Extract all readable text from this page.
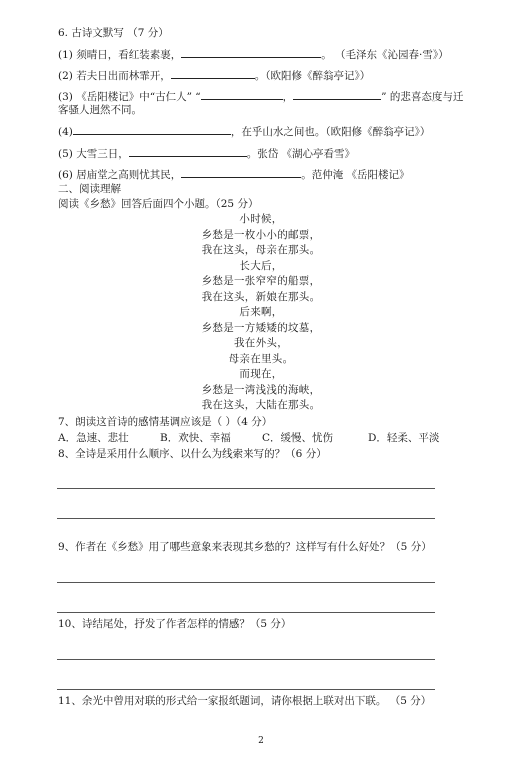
6. 古诗文默写 （7 分）
(1) 须晴日，看红装素裹，	。 （毛泽东《沁园春·雪》）
(2) 若夫日出而林霏开，	。（欧阳修《醉翁亭记》）
(3) 《岳阳楼记》中“古仁人” “	，	” 的悲喜态度与迁
客骚人迥然不同。
(4)	，在乎山水之间也。（欧阳修《醉翁亭记》）
(5) 大雪三日，	。张岱 《湖心亭看雪》
(6) 居庙堂之高则忧其民，	。范仲淹 《岳阳楼记》
二、阅读理解
阅读《乡愁》回答后面四个小题。（25 分）
小时候，
乡愁是一枚小小的邮票，
我在这头，母亲在那头。
长大后，
乡愁是一张窄窄的船票，
我在这头，新娘在那头。
后来啊，
乡愁是一方矮矮的坟墓，
我在外头，
母亲在里头。
而现在，
乡愁是一湾浅浅的海峡，
我在这头，大陆在那头。
7、朗读这首诗的感情基调应该是（ ）（4 分）
A．急速、悲壮	B．欢快、幸福	C．缓慢、忧伤	D．轻柔、平淡
8、全诗是采用什么顺序、以什么为线索来写的？（6 分）
9、作者在《乡愁》用了哪些意象来表现其乡愁的？这样写有什么好处？（5 分）
10、诗结尾处，抒发了作者怎样的情感？（5 分）
11、余光中曾用对联的形式给一家报纸题词，请你根据上联对出下联。 （5 分）
2
